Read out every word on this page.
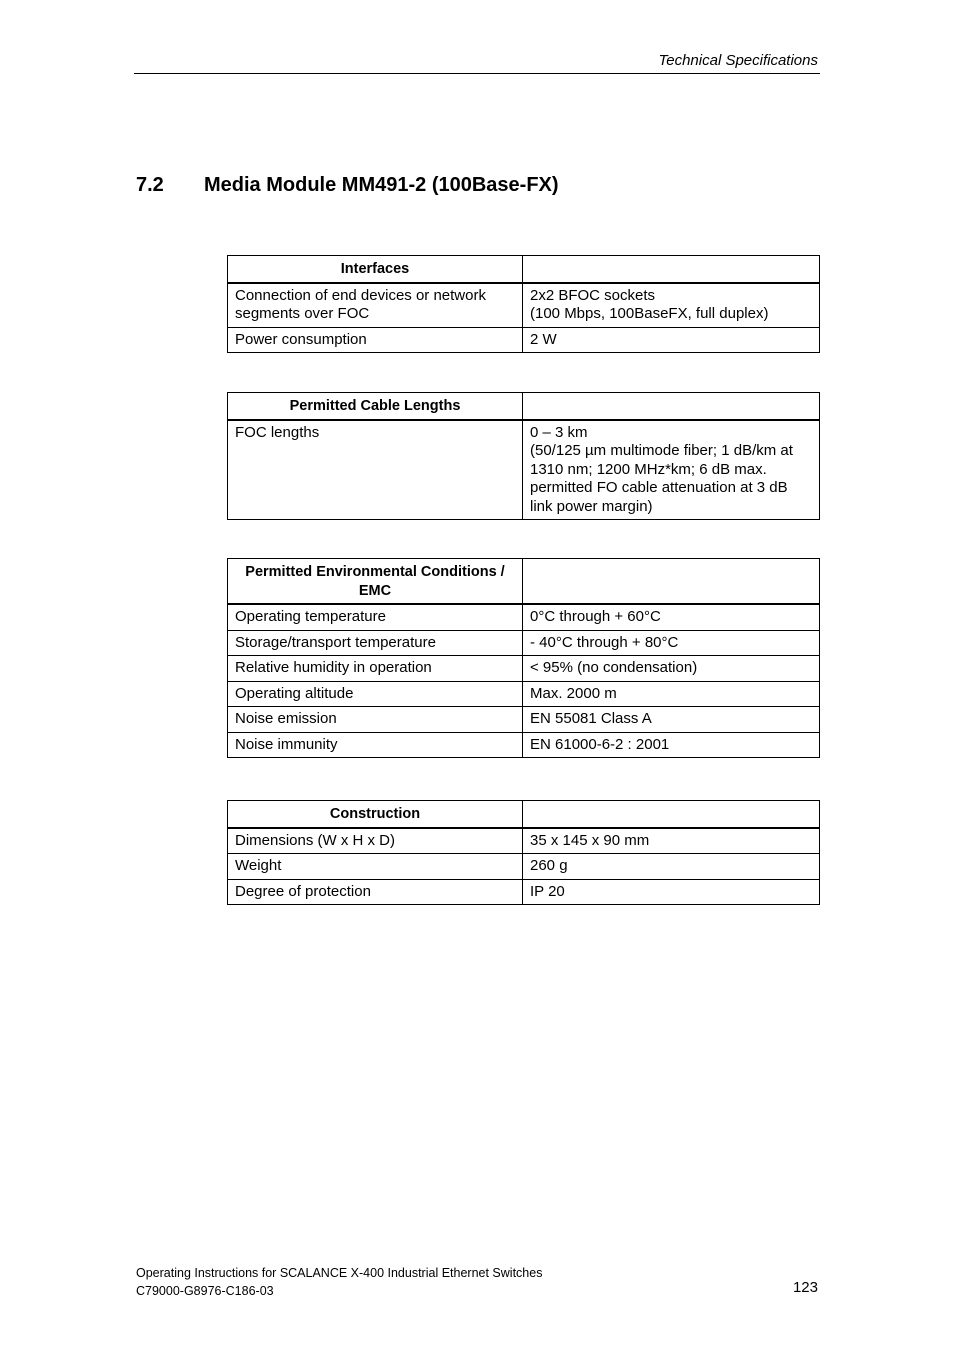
Technical Specifications
7.2 Media Module MM491-2 (100Base-FX)
Interfaces	
Connection of end devices or network segments over FOC	2x2 BFOC sockets
(100 Mbps, 100BaseFX, full duplex)

Power consumption	2 W
Permitted Cable Lengths	
FOC lengths	0 – 3 km
(50/125 µm multimode fiber; 1 dB/km at 1310 nm; 1200 MHz*km; 6 dB max. permitted FO cable attenuation at 3 dB link power margin)
Permitted Environmental Conditions / EMC	
Operating temperature	0°C through + 60°C
Storage/transport temperature	- 40°C through + 80°C
Relative humidity in operation	< 95% (no condensation)
Operating altitude	Max. 2000 m
Noise emission	EN 55081 Class A
Noise immunity	EN 61000-6-2 : 2001
Construction	
Dimensions (W x H x D)	35 x 145 x 90 mm
Weight	260 g
Degree of protection	IP 20
Operating Instructions for SCALANCE X-400 Industrial Ethernet Switches
C79000-G8976-C186-03	123
